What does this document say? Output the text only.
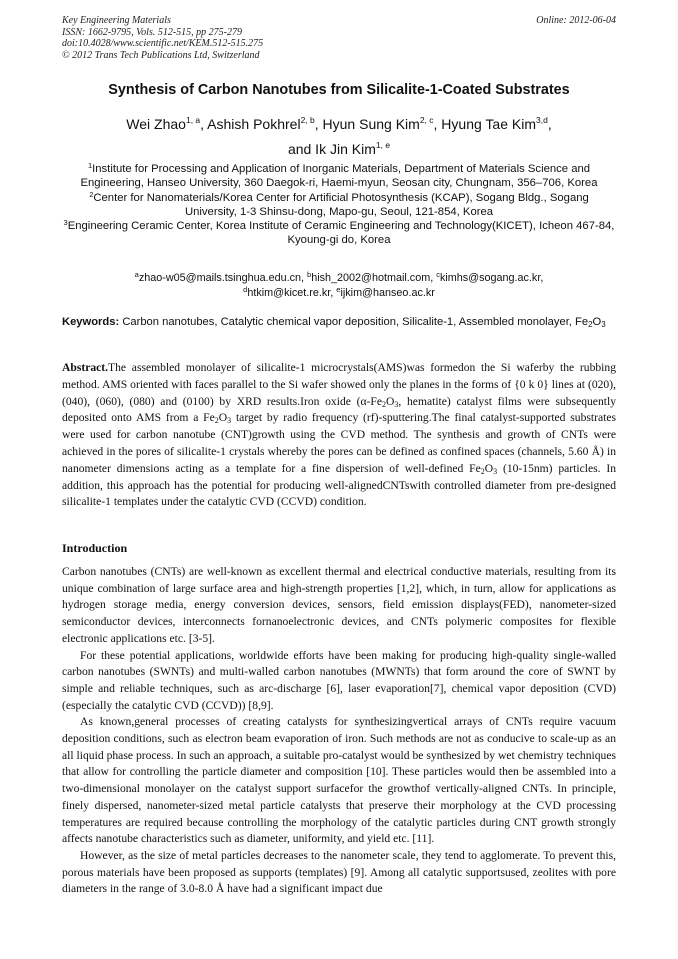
Key Engineering Materials
ISSN: 1662-9795, Vols. 512-515, pp 275-279
doi:10.4028/www.scientific.net/KEM.512-515.275
© 2012 Trans Tech Publications Ltd, Switzerland
Online: 2012-06-04
Synthesis of Carbon Nanotubes from Silicalite-1-Coated Substrates
Wei Zhao$^{1, a}$, Ashish Pokhrel$^{2, b}$, Hyun Sung Kim$^{2, c}$, Hyung Tae Kim$^{3,d}$,
and Ik Jin Kim$^{1, e}$
$^1$Institute for Processing and Application of Inorganic Materials, Department of Materials Science and Engineering, Hanseo University, 360 Daegok-ri, Haemi-myun, Seosan city, Chungnam, 356–706, Korea
$^2$Center for Nanomaterials/Korea Center for Artificial Photosynthesis (KCAP), Sogang Bldg., Sogang University, 1-3 Shinsu-dong, Mapo-gu, Seoul, 121-854, Korea
$^3$Engineering Ceramic Center, Korea Institute of Ceramic Engineering and Technology(KICET), Icheon 467-84, Kyoung-gi do, Korea
$^a$zhao-w05@mails.tsinghua.edu.cn, $^b$hish_2002@hotmail.com, $^c$kimhs@sogang.ac.kr,
$^d$htkim@kicet.re.kr, $^e$ijkim@hanseo.ac.kr
Keywords: Carbon nanotubes, Catalytic chemical vapor deposition, Silicalite-1, Assembled monolayer, $Fe_2O_3$
Abstract.The assembled monolayer of silicalite-1 microcrystals(AMS)was formedon the Si waferby the rubbing method. AMS oriented with faces parallel to the Si wafer showed only the planes in the forms of {0 k 0} lines at (020), (040), (060), (080) and (0100) by XRD results.Iron oxide ($\alpha-Fe_2O_3$, hematite) catalyst films were subsequently deposited onto AMS from a $Fe_2O_3$ target by radio frequency (rf)-sputtering.The final catalyst-supported substrates were used for carbon nanotube (CNT)growth using the CVD method. The synthesis and growth of CNTs were achieved in the pores of silicalite-1 crystals whereby the pores can be defined as confined spaces (channels, 5.60 Å) in nanometer dimensions acting as a template for a fine dispersion of well-defined $Fe_2O_3$ (10-15nm) particles. In addition, this approach has the potential for producing well-alignedCNTswith controlled diameter from pre-designed silicalite-1 templates under the catalytic CVD (CCVD) condition.
Introduction

Carbon nanotubes (CNTs) are well-known as excellent thermal and electrical conductive materials, resulting from its unique combination of large surface area and high-strength properties [1,2], which, in turn, allow for applications as hydrogen storage media, energy conversion devices, sensors, field emission displays(FED), nanometer-sized semiconductor devices, interconnects fornanoelectronic devices, and CNTs polymeric composites for flexible electronic applications etc. [3-5].

For these potential applications, worldwide efforts have been making for producing high-quality single-walled carbon nanotubes (SWNTs) and multi-walled carbon nanotubes (MWNTs) that form around the core of SWNT by simple and reliable techniques, such as arc-discharge [6], laser evaporation[7], chemical vapor deposition (CVD) (especially the catalytic CVD (CCVD)) [8,9].

As known,general processes of creating catalysts for synthesizingvertical arrays of CNTs require vacuum deposition conditions, such as electron beam evaporation of iron. Such methods are not as conducive to scale-up as an all liquid phase process. In such an approach, a suitable pro-catalyst would be synthesized by wet chemistry techniques that allow for controlling the particle diameter and composition [10]. These particles would then be assembled into a two-dimensional monolayer on the catalyst support surfacefor the growthof vertically-aligned CNTs. In principle, finely dispersed, nanometer-sized metal particle catalysts that preserve their morphology at the CVD processing temperatures are required because controlling the morphology of the catalytic particles during CNT growth strongly affects nanotube characteristics such as diameter, uniformity, and yield etc. [11].

However, as the size of metal particles decreases to the nanometer scale, they tend to agglomerate. To prevent this, porous materials have been proposed as supports (templates) [9]. Among all catalytic supportsused, zeolites with pore diameters in the range of 3.0-8.0 Å have had a significant impact due
